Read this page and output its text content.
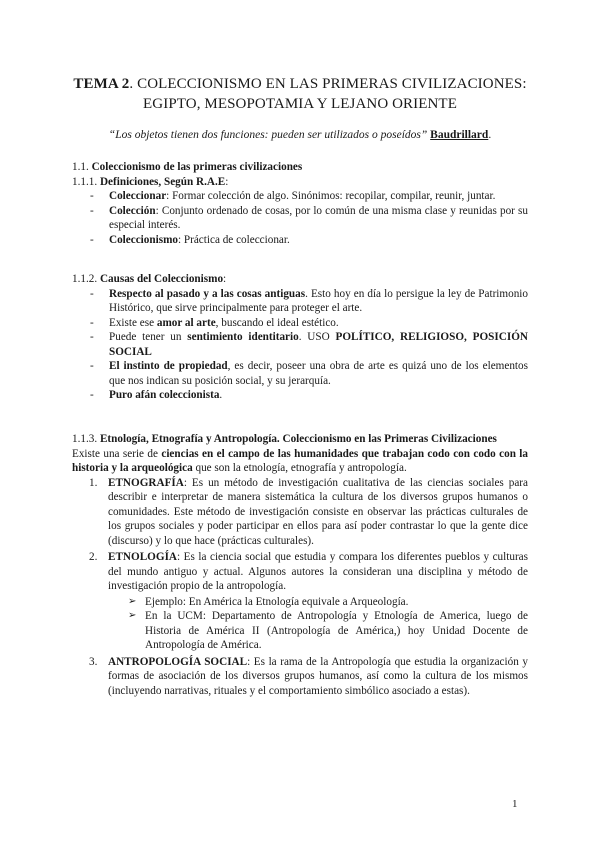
TEMA 2. COLECCIONISMO EN LAS PRIMERAS CIVILIZACIONES:
EGIPTO, MESOPOTAMIA Y LEJANO ORIENTE
“Los objetos tienen dos funciones: pueden ser utilizados o poseídos” Baudrillard.
1.1. Coleccionismo de las primeras civilizaciones
1.1.1. Definiciones, Según R.A.E:
- Coleccionar: Formar colección de algo. Sinónimos: recopilar, compilar, reunir, juntar.
- Colección: Conjunto ordenado de cosas, por lo común de una misma clase y reunidas por su especial interés.
- Coleccionismo: Práctica de coleccionar.
1.1.2. Causas del Coleccionismo:
- Respecto al pasado y a las cosas antiguas. Esto hoy en día lo persigue la ley de Patrimonio Histórico, que sirve principalmente para proteger el arte.
- Existe ese amor al arte, buscando el ideal estético.
- Puede tener un sentimiento identitario. USO POLÍTICO, RELIGIOSO, POSICIÓN SOCIAL
- El instinto de propiedad, es decir, poseer una obra de arte es quizá uno de los elementos que nos indican su posición social, y su jerarquía.
- Puro afán coleccionista.
1.1.3. Etnología, Etnografía y Antropología. Coleccionismo en las Primeras Civilizaciones
Existe una serie de ciencias en el campo de las humanidades que trabajan codo con codo con la historia y la arqueológica que son la etnología, etnografía y antropología.
1. ETNOGRAFÍA: Es un método de investigación cualitativa de las ciencias sociales para describir e interpretar de manera sistemática la cultura de los diversos grupos humanos o comunidades. Este método de investigación consiste en observar las prácticas culturales de los grupos sociales y poder participar en ellos para así poder contrastar lo que la gente dice (discurso) y lo que hace (prácticas culturales).
2. ETNOLOGÍA: Es la ciencia social que estudia y compara los diferentes pueblos y culturas del mundo antiguo y actual. Algunos autores la consideran una disciplina y método de investigación propio de la antropología.
➢ Ejemplo: En América la Etnología equivale a Arqueología.
➢ En la UCM: Departamento de Antropología y Etnología de America, luego de Historia de América II (Antropología de América,) hoy Unidad Docente de Antropología de América.
3. ANTROPOLOGÍA SOCIAL: Es la rama de la Antropología que estudia la organización y formas de asociación de los diversos grupos humanos, así como la cultura de los mismos (incluyendo narrativas, rituales y el comportamiento simbólico asociado a estas).
1
